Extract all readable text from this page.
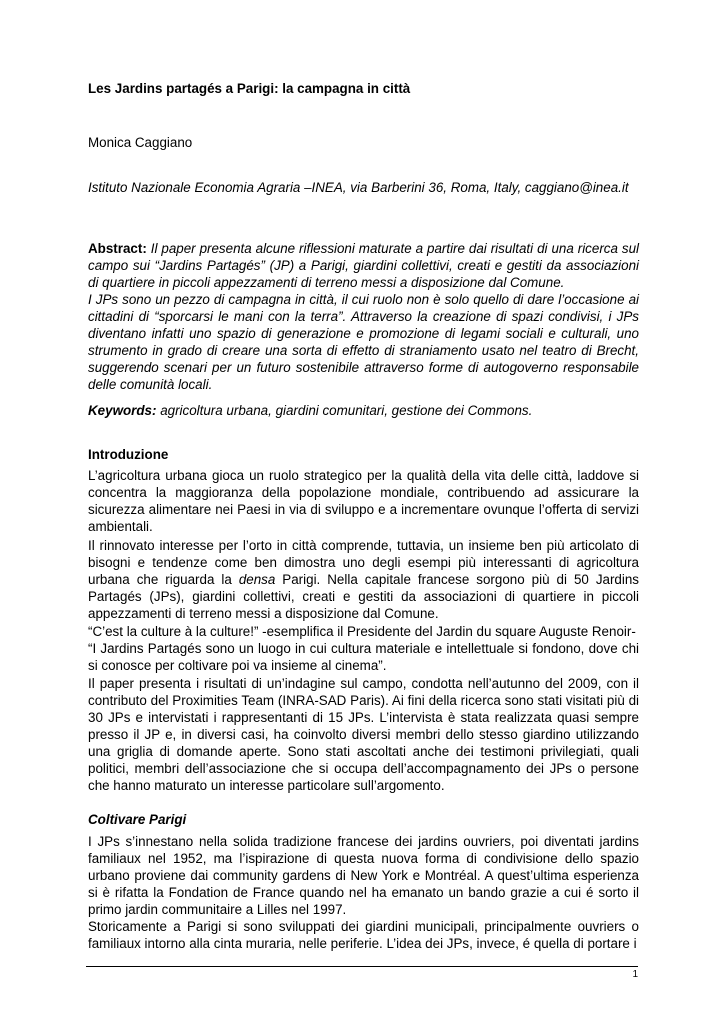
Les Jardins partagés a Parigi: la campagna in città

Monica Caggiano

Istituto Nazionale Economia Agraria –INEA, via Barberini 36, Roma, Italy, caggiano@inea.it

Abstract: Il paper presenta alcune riflessioni maturate a partire dai risultati di una ricerca sul campo sui “Jardins Partagés” (JP) a Parigi, giardini collettivi, creati e gestiti da associazioni di quartiere in piccoli appezzamenti di terreno messi a disposizione dal Comune.
I JPs sono un pezzo di campagna in città, il cui ruolo non è solo quello di dare l’occasione ai cittadini di “sporcarsi le mani con la terra”. Attraverso la creazione di spazi condivisi, i JPs diventano infatti uno spazio di generazione e promozione di legami sociali e culturali, uno strumento in grado di creare una sorta di effetto di straniamento usato nel teatro di Brecht, suggerendo scenari per un futuro sostenibile attraverso forme di autogoverno responsabile delle comunità locali.

Keywords: agricoltura urbana, giardini comunitari, gestione dei Commons.

Introduzione

L’agricoltura urbana gioca un ruolo strategico per la qualità della vita delle città, laddove si concentra la maggioranza della popolazione mondiale, contribuendo ad assicurare la sicurezza alimentare nei Paesi in via di sviluppo e a incrementare ovunque l’offerta di servizi ambientali.

Il rinnovato interesse per l’orto in città comprende, tuttavia, un insieme ben più articolato di bisogni e tendenze come ben dimostra uno degli esempi più interessanti di agricoltura urbana che riguarda la densa Parigi. Nella capitale francese sorgono più di 50 Jardins Partagés (JPs), giardini collettivi, creati e gestiti da associazioni di quartiere in piccoli appezzamenti di terreno messi a disposizione dal Comune.

“C’est la culture à la culture!” -esemplifica il Presidente del Jardin du square Auguste Renoir-
“I Jardins Partagés sono un luogo in cui cultura materiale e intellettuale si fondono, dove chi si conosce per coltivare poi va insieme al cinema”.

Il paper presenta i risultati di un’indagine sul campo, condotta nell’autunno del 2009, con il contributo del Proximities Team (INRA-SAD Paris). Ai fini della ricerca sono stati visitati più di 30 JPs e intervistati i rappresentanti di 15 JPs. L’intervista è stata realizzata quasi sempre presso il JP e, in diversi casi, ha coinvolto diversi membri dello stesso giardino utilizzando una griglia di domande aperte. Sono stati ascoltati anche dei testimoni privilegiati, quali politici, membri dell’associazione che si occupa dell’accompagnamento dei JPs o persone che hanno maturato un interesse particolare sull’argomento.

Coltivare Parigi

I JPs s’innestano nella solida tradizione francese dei jardins ouvriers, poi diventati jardins familiaux nel 1952, ma l’ispirazione di questa nuova forma di condivisione dello spazio urbano proviene dai community gardens di New York e Montréal. A quest’ultima esperienza si è rifatta la Fondation de France quando nel ha emanato un bando grazie a cui é sorto il primo jardin communitaire a Lilles nel 1997.

Storicamente a Parigi si sono sviluppati dei giardini municipali, principalmente ouvriers o familiaux intorno alla cinta muraria, nelle periferie. L’idea dei JPs, invece, é quella di portare i

1
